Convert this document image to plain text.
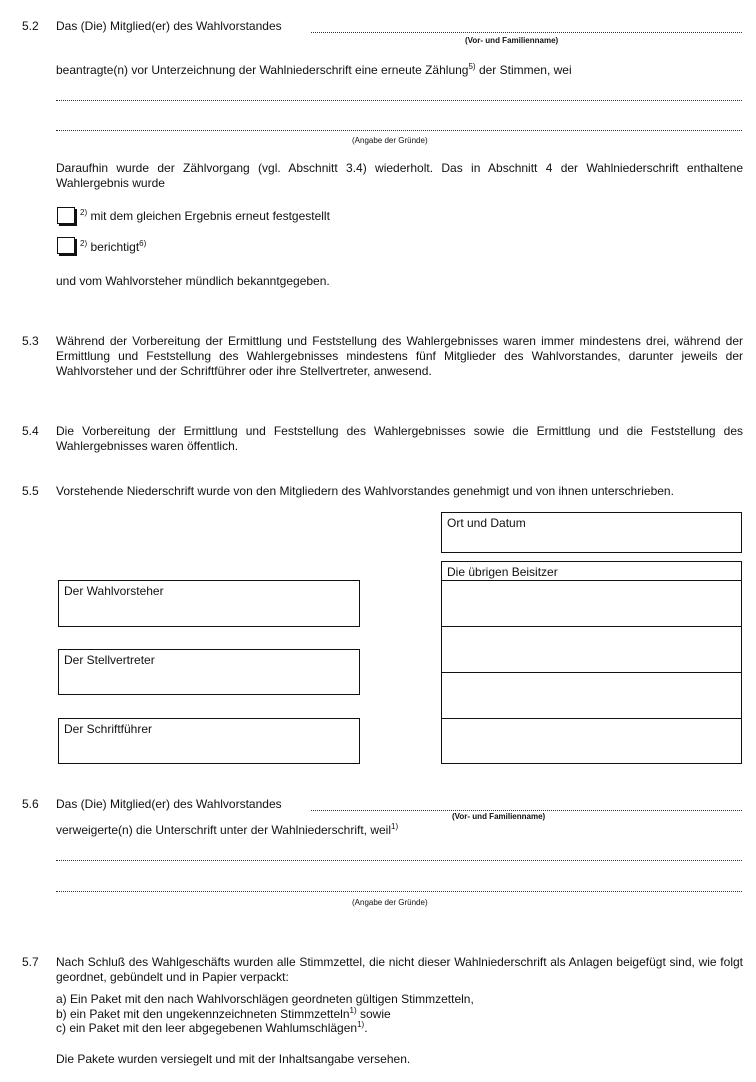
5.2 Das (Die) Mitglied(er) des Wahlvorstandes
(Vor- und Familienname)
beantragte(n) vor Unterzeichnung der Wahlniederschrift eine erneute Zählung$^{5)}$ der Stimmen, wei
(Angabe der Gründe)
Daraufhin wurde der Zählvorgang (vgl. Abschnitt 3.4) wiederholt. Das in Abschnitt 4 der Wahlniederschrift enthaltene Wahlergebnis wurde
$^{2)}$ mit dem gleichen Ergebnis erneut festgestellt
$^{2)}$ berichtigt$^{6)}$
und vom Wahlvorsteher mündlich bekanntgegeben.
5.3 Während der Vorbereitung der Ermittlung und Feststellung des Wahlergebnisses waren immer mindestens drei, während der Ermittlung und Feststellung des Wahlergebnisses mindestens fünf Mitglieder des Wahlvorstandes, darunter jeweils der Wahlvorsteher und der Schriftführer oder ihre Stellvertreter, anwesend.
5.4 Die Vorbereitung der Ermittlung und Feststellung des Wahlergebnisses sowie die Ermittlung und die Feststellung des Wahlergebnisses waren öffentlich.
5.5 Vorstehende Niederschrift wurde von den Mitgliedern des Wahlvorstandes genehmigt und von ihnen unterschrieben.
Ort und Datum
Die übrigen Beisitzer
Der Wahlvorsteher
Der Stellvertreter
Der Schriftführer
5.6 Das (Die) Mitglied(er) des Wahlvorstandes
(Vor- und Familienname)
verweigerte(n) die Unterschrift unter der Wahlniederschrift, weil$^{1)}$
(Angabe der Gründe)
5.7 Nach Schluß des Wahlgeschäfts wurden alle Stimmzettel, die nicht dieser Wahlniederschrift als Anlagen beigefügt sind, wie folgt geordnet, gebündelt und in Papier verpackt:
a) Ein Paket mit den nach Wahlvorschlägen geordneten gültigen Stimmzetteln,
b) ein Paket mit den ungekennzeichneten Stimmzetteln$^{1)}$ sowie
c) ein Paket mit den leer abgegebenen Wahlumschlägen$^{1)}$.
Die Pakete wurden versiegelt und mit der Inhaltsangabe versehen.
